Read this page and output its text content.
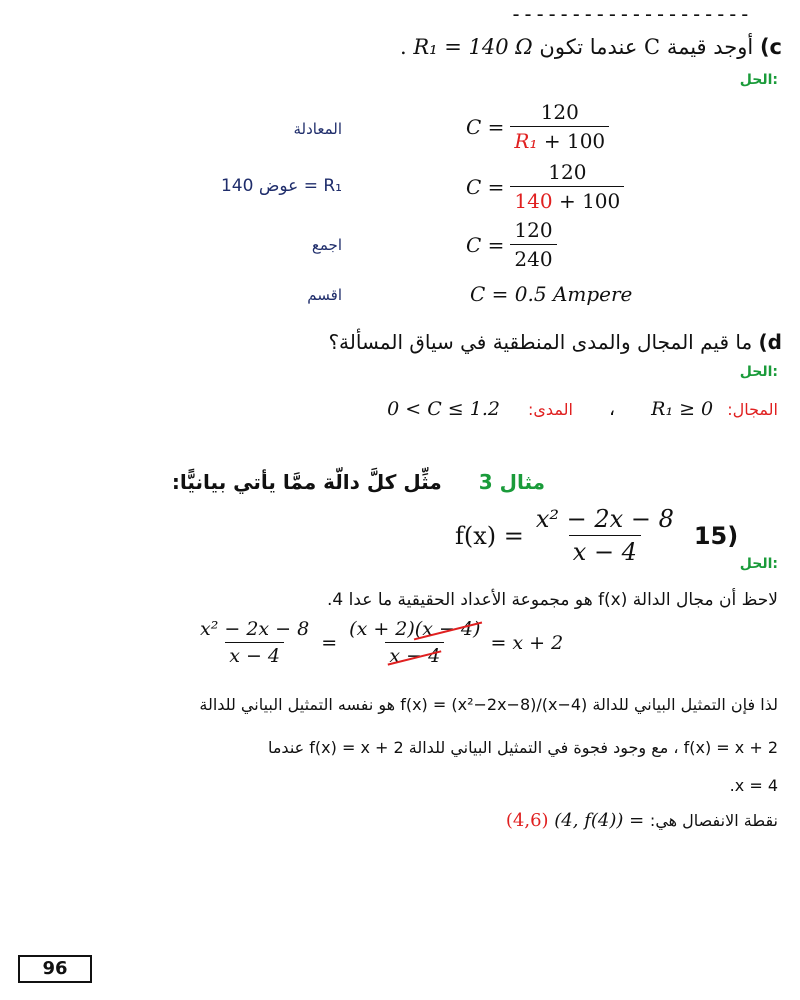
--------------------
c) أوجد قيمة C عندما تكون R₁ = 140 Ω .
الحل:
المعادلة	$C = \frac{120}{\text{R₁ + 100}}$
عوض 140 = R₁	$C = \frac{120}{140 + 100}$
اجمع	$C = \frac{120}{240}$
اقسم	C = 0.5 Ampere
d) ما قيم المجال والمدى المنطقية في سياق المسألة؟
الحل:
المجال: R₁ ≥ 0 ، المدى: 0 < C ≤ 1.2
مثال 3 مثِّل كلَّ دالّة ممَّا يأتي بيانيًّا:
$f(x) = \frac{\text{x² − 2x − 8}}{x - 4} 15$)
الحل:
لاحظ أن مجال الدالة f(x) هو مجموعة الأعداد الحقيقية ما عدا 4.
$\frac{\text{x² − 2x − 8}}{x - 4} = \frac{(x + 2)(x - 4)}{x - 4} = x + 2$
لذا فإن التمثيل البياني للدالة f(x) = (x²−2x−8)/(x−4) هو نفسه التمثيل البياني للدالة
f(x) = x + 2 ، مع وجود فجوة في التمثيل البياني للدالة f(x) = x + 2 عندما
x = 4.
نقطة الانفصال هي: (4, f(4)) = (4,6)
96
